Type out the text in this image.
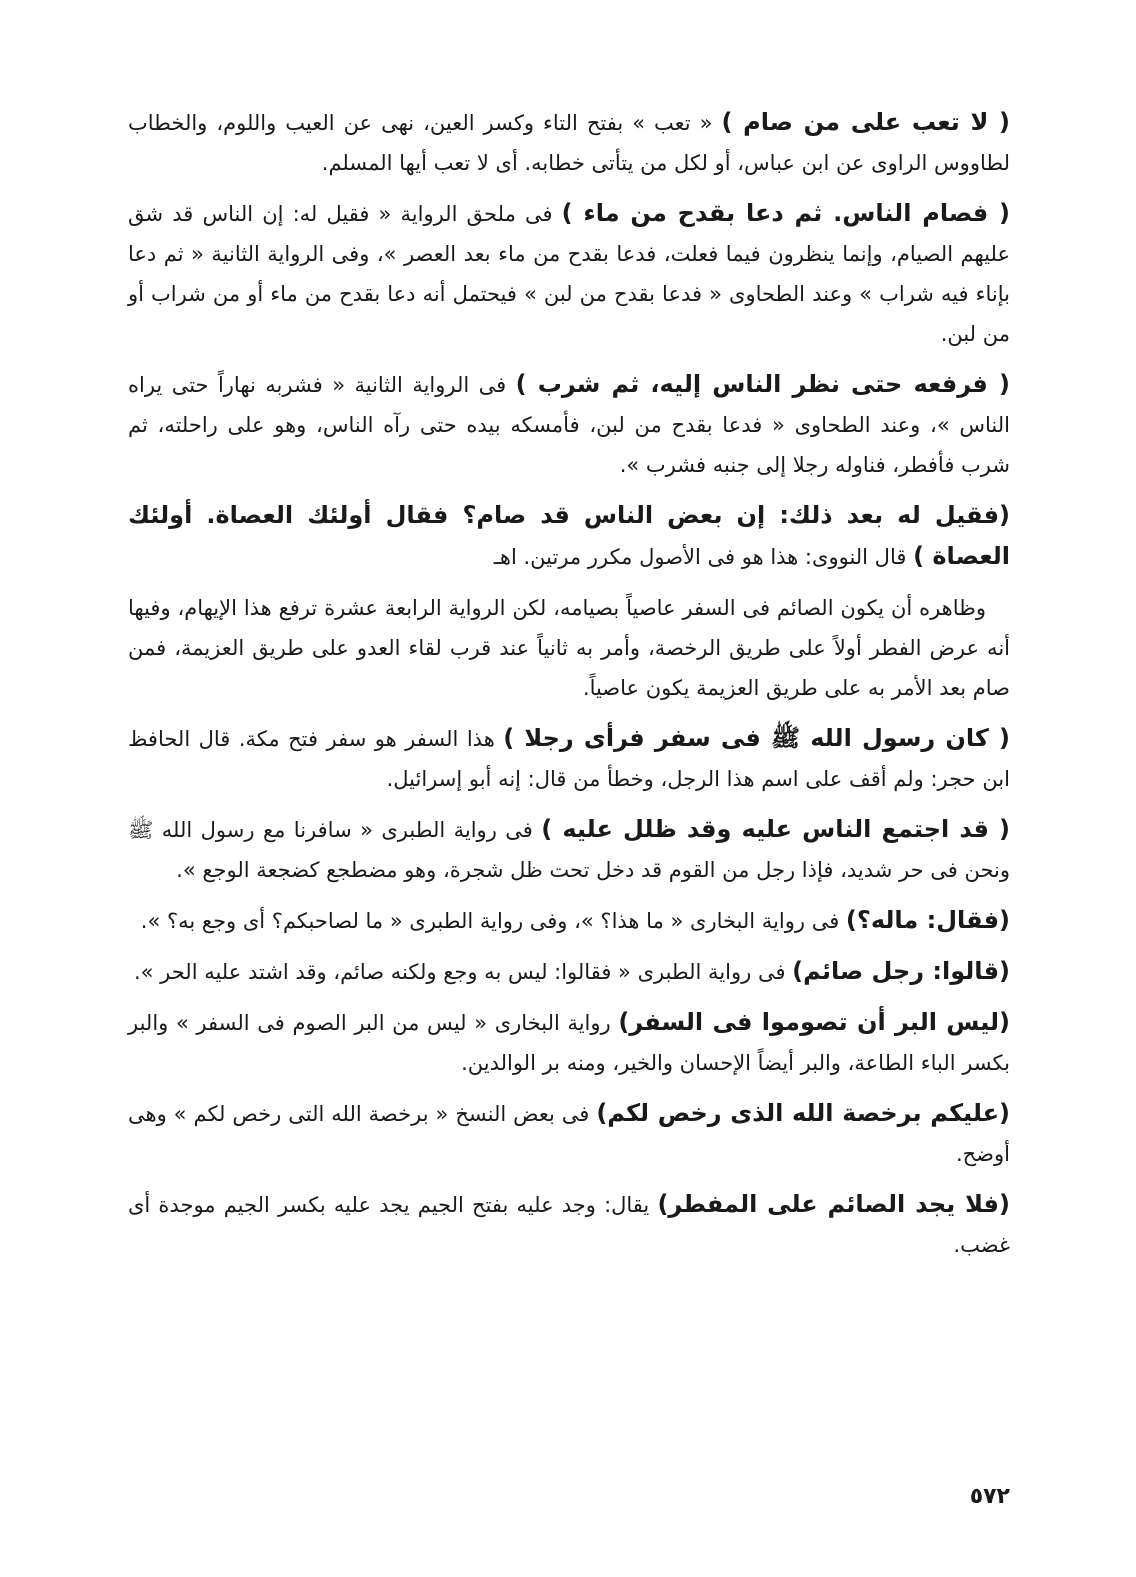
( لا تعب على من صام ) « تعب » بفتح التاء وكسر العين، نهى عن العيب واللوم، والخطاب لطاووس الراوى عن ابن عباس، أو لكل من يتأتى خطابه. أى لا تعب أيها المسلم.

( فصام الناس. ثم دعا بقدح من ماء ) فى ملحق الرواية « فقيل له: إن الناس قد شق عليهم الصيام، وإنما ينظرون فيما فعلت، فدعا بقدح من ماء بعد العصر »، وفى الرواية الثانية « ثم دعا بإناء فيه شراب » وعند الطحاوى « فدعا بقدح من لبن » فيحتمل أنه دعا بقدح من ماء أو من شراب أو من لبن.

( فرفعه حتى نظر الناس إليه، ثم شرب ) فى الرواية الثانية « فشربه نهاراً حتى يراه الناس »، وعند الطحاوى « فدعا بقدح من لبن، فأمسكه بيده حتى رآه الناس، وهو على راحلته، ثم شرب فأفطر، فناوله رجلا إلى جنبه فشرب ».

(فقيل له بعد ذلك: إن بعض الناس قد صام؟ فقال أولئك العصاة. أولئك العصاة ) قال النووى: هذا هو فى الأصول مكرر مرتين. اهـ

وظاهره أن يكون الصائم فى السفر عاصياً بصيامه، لكن الرواية الرابعة عشرة ترفع هذا الإيهام، وفيها أنه عرض الفطر أولاً على طريق الرخصة، وأمر به ثانياً عند قرب لقاء العدو على طريق العزيمة، فمن صام بعد الأمر به على طريق العزيمة يكون عاصياً.

( كان رسول الله ﷺ فى سفر فرأى رجلا ) هذا السفر هو سفر فتح مكة. قال الحافظ ابن حجر: ولم أقف على اسم هذا الرجل، وخطأ من قال: إنه أبو إسرائيل.

( قد اجتمع الناس عليه وقد ظلل عليه ) فى رواية الطبرى « سافرنا مع رسول الله ﷺ ونحن فى حر شديد، فإذا رجل من القوم قد دخل تحت ظل شجرة، وهو مضطجع كضجعة الوجع ».

(فقال: ماله؟) فى رواية البخارى « ما هذا؟ »، وفى رواية الطبرى « ما لصاحبكم؟ أى وجع به؟ ».

(قالوا: رجل صائم) فى رواية الطبرى « فقالوا: ليس به وجع ولكنه صائم، وقد اشتد عليه الحر ».

(ليس البر أن تصوموا فى السفر) رواية البخارى « ليس من البر الصوم فى السفر » والبر بكسر الباء الطاعة، والبر أيضاً الإحسان والخير، ومنه بر الوالدين.

(عليكم برخصة الله الذى رخص لكم) فى بعض النسخ « برخصة الله التى رخص لكم » وهى أوضح.

(فلا يجد الصائم على المفطر) يقال: وجد عليه بفتح الجيم يجد عليه بكسر الجيم موجدة أى غضب.

٥٧٢
